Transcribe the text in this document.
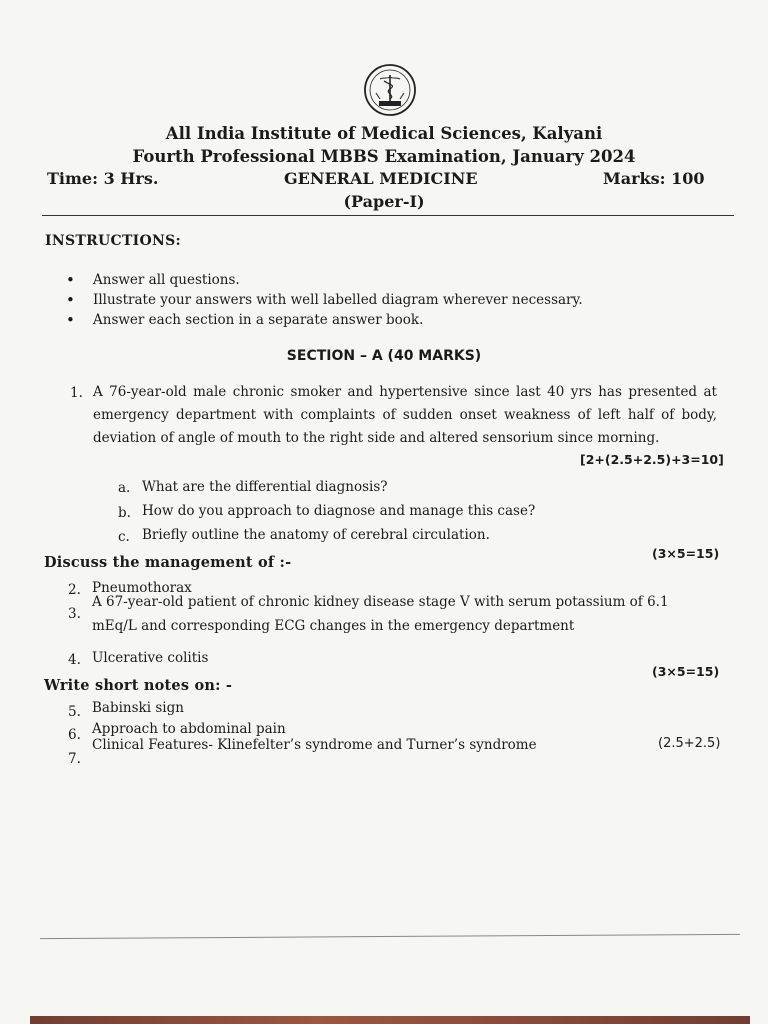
All India Institute of Medical Sciences, Kalyani
Fourth Professional MBBS Examination, January 2024
Time: 3 Hrs.	GENERAL MEDICINE	Marks: 100
(Paper-I)
INSTRUCTIONS:
• Answer all questions.
• Illustrate your answers with well labelled diagram wherever necessary.
• Answer each section in a separate answer book.
SECTION – A (40 MARKS)
1. A 76-year-old male chronic smoker and hypertensive since last 40 yrs has presented at emergency department with complaints of sudden onset weakness of left half of body, deviation of angle of mouth to the right side and altered sensorium since morning.
[2+(2.5+2.5)+3=10]
a. What are the differential diagnosis?
b. How do you approach to diagnose and manage this case?
c. Briefly outline the anatomy of cerebral circulation.
Discuss the management of :-
(3×5=15)
2. Pneumothorax
3.
A 67-year-old patient of chronic kidney disease stage V with serum potassium of 6.1
mEq/L and corresponding ECG changes in the emergency department
4. Ulcerative colitis
Write short notes on: -
(3×5=15)
5. Babinski sign
6. Approach to abdominal pain
7.
Clinical Features- Klinefelter’s syndrome and Turner’s syndrome	(2.5+2.5)
